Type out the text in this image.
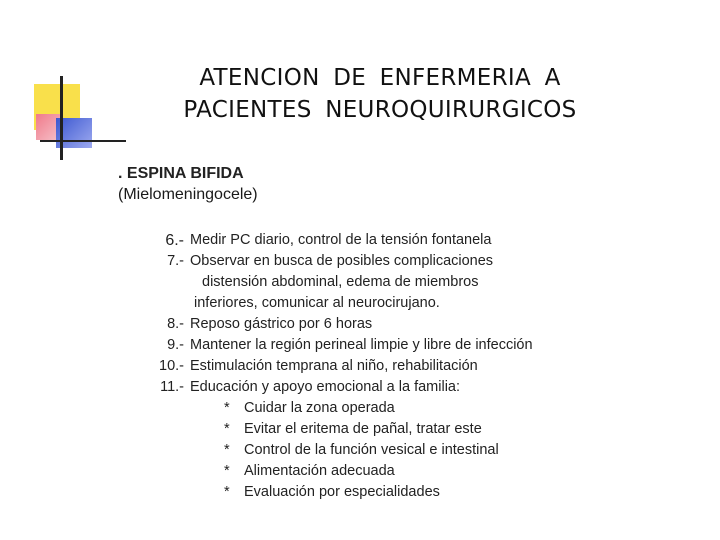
ATENCION DE ENFERMERIA A
PACIENTES NEUROQUIRURGICOS
. ESPINA BIFIDA
(Mielomeningocele)
6.- Medir PC diario, control de la tensión fontanela
7.- Observar en busca de posibles complicaciones
distensión abdominal, edema de miembros
inferiores, comunicar al neurocirujano.
8.- Reposo gástrico por 6 horas
9.- Mantener la región perineal limpie y libre de infección
10.- Estimulación temprana al niño, rehabilitación
11.- Educación y apoyo emocional a la familia:
* Cuidar la zona operada
* Evitar el eritema de pañal, tratar este
* Control de la función vesical e intestinal
* Alimentación adecuada
* Evaluación por especialidades
